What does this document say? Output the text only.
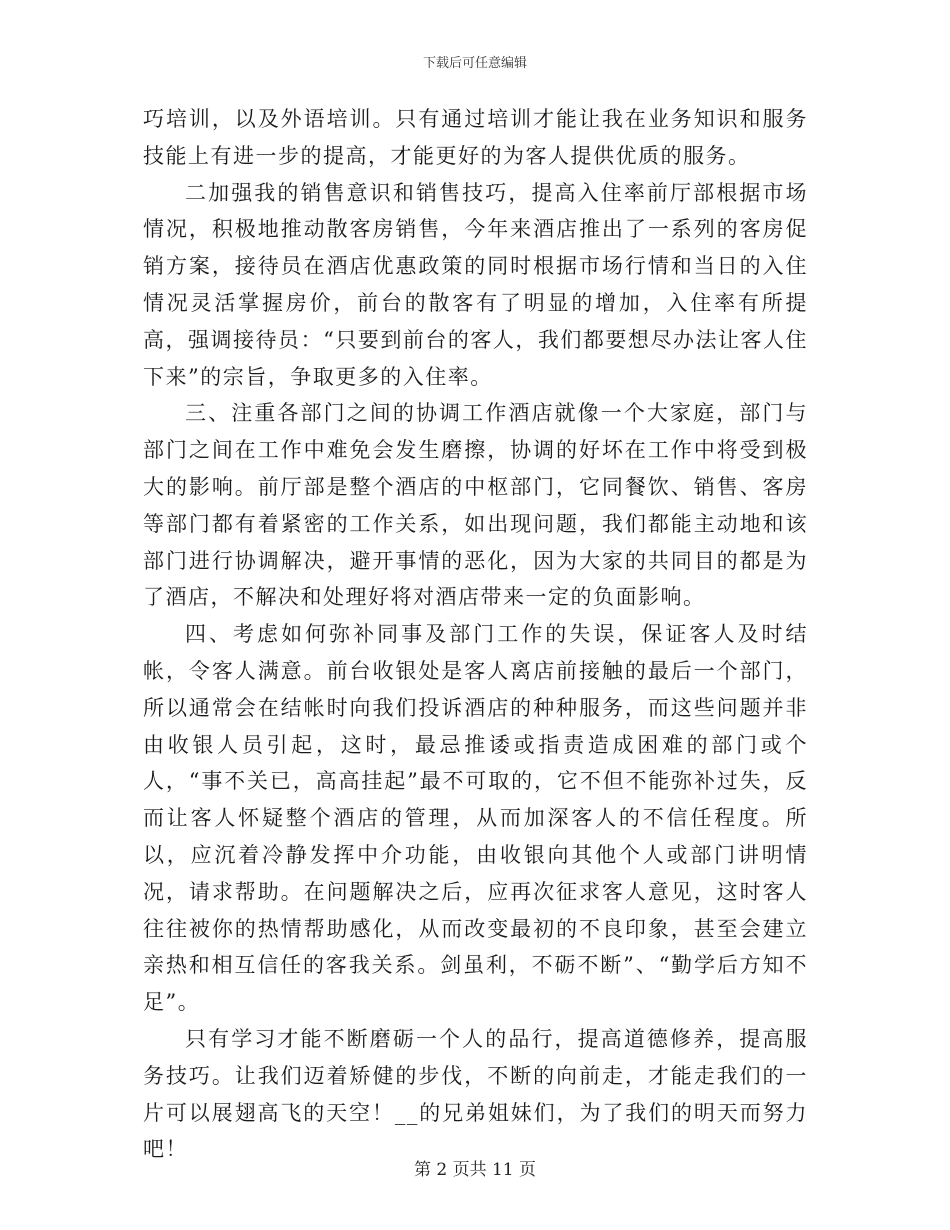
下载后可任意编辑

巧培训，以及外语培训。只有通过培训才能让我在业务知识和服务技能上有进一步的提高，才能更好的为客人提供优质的服务。

二加强我的销售意识和销售技巧，提高入住率前厅部根据市场情况，积极地推动散客房销售，今年来酒店推出了一系列的客房促销方案，接待员在酒店优惠政策的同时根据市场行情和当日的入住情况灵活掌握房价，前台的散客有了明显的增加，入住率有所提高，强调接待员：“只要到前台的客人，我们都要想尽办法让客人住下来”的宗旨，争取更多的入住率。

三、注重各部门之间的协调工作酒店就像一个大家庭，部门与部门之间在工作中难免会发生磨擦，协调的好坏在工作中将受到极大的影响。前厅部是整个酒店的中枢部门，它同餐饮、销售、客房等部门都有着紧密的工作关系，如出现问题，我们都能主动地和该部门进行协调解决，避开事情的恶化，因为大家的共同目的都是为了酒店，不解决和处理好将对酒店带来一定的负面影响。

四、考虑如何弥补同事及部门工作的失误，保证客人及时结帐，令客人满意。前台收银处是客人离店前接触的最后一个部门，所以通常会在结帐时向我们投诉酒店的种种服务，而这些问题并非由收银人员引起，这时，最忌推诿或指责造成困难的部门或个人，“事不关已，高高挂起”最不可取的，它不但不能弥补过失，反而让客人怀疑整个酒店的管理，从而加深客人的不信任程度。所以，应沉着冷静发挥中介功能，由收银向其他个人或部门讲明情况，请求帮助。在问题解决之后，应再次征求客人意见，这时客人往往被你的热情帮助感化，从而改变最初的不良印象，甚至会建立亲热和相互信任的客我关系。剑虽利，不砺不断”、“勤学后方知不足”。

只有学习才能不断磨砺一个人的品行，提高道德修养，提高服务技巧。让我们迈着矫健的步伐，不断的向前走，才能走我们的一片可以展翅高飞的天空！__的兄弟姐妹们，为了我们的明天而努力吧！

第 2 页共 11 页
